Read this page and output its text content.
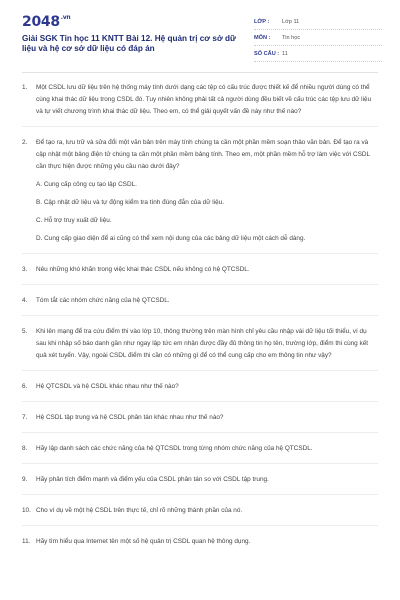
$2048^{.vn}$
Giải SGK Tin học 11 KNTT Bài 12. Hệ quản trị cơ sở dữ liệu và hệ cơ sở dữ liệu có đáp án
LỚP : Lớp 11
MÔN : Tin học
SỐ CÂU : 11
1. Một CSDL lưu dữ liệu trên hệ thống máy tính dưới dạng các tệp có cấu trúc được thiết kế để nhiều người dùng có thể cùng khai thác dữ liệu trong CSDL đó. Tuy nhiên không phải tất cả người dùng đều biết về cấu trúc các tệp lưu dữ liệu và tự viết chương trình khai thác dữ liệu. Theo em, có thể giải quyết vấn đề này như thế nào?
2. Để tạo ra, lưu trữ và sửa đổi một văn bản trên máy tính chúng ta cần một phần mềm soạn thảo văn bản. Để tạo ra và cập nhật một bảng điện tử chúng ta cần một phần mềm bảng tính. Theo em, một phần mềm hỗ trợ làm việc với CSDL cần thực hiện được những yêu cầu nào dưới đây?
A. Cung cấp công cụ tạo lập CSDL.
B. Cập nhật dữ liệu và tự động kiểm tra tính đúng đắn của dữ liệu.
C. Hỗ trợ truy xuất dữ liệu.
D. Cung cấp giao diện để ai cũng có thể xem nội dung của các bảng dữ liệu một cách dễ dàng.
3. Nêu những khó khăn trong việc khai thác CSDL nếu không có hệ QTCSDL.
4. Tóm tắt các nhóm chức năng của hệ QTCSDL.
5. Khi lên mạng để tra cứu điểm thi vào lớp 10, thông thường trên màn hình chỉ yêu cầu nhập vài dữ liệu tối thiểu, ví dụ sau khi nhập số báo danh gần như ngay lập tức em nhận được đầy đủ thông tin họ tên, trường lớp, điểm thi cùng kết quả xét tuyển. Vậy, ngoài CSDL điểm thi cần có những gì để có thể cung cấp cho em thông tin như vậy?
6. Hệ QTCSDL và hệ CSDL khác nhau như thế nào?
7. Hệ CSDL tập trung và hệ CSDL phân tán khác nhau như thế nào?
8. Hãy lập danh sách các chức năng của hệ QTCSDL trong từng nhóm chức năng của hệ QTCSDL.
9. Hãy phân tích điểm mạnh và điểm yếu của CSDL phân tán so với CSDL tập trung.
10. Cho ví dụ về một hệ CSDL trên thực tế, chỉ rõ những thành phần của nó.
11. Hãy tìm hiểu qua Internet tên một số hệ quản trị CSDL quan hệ thông dụng.
